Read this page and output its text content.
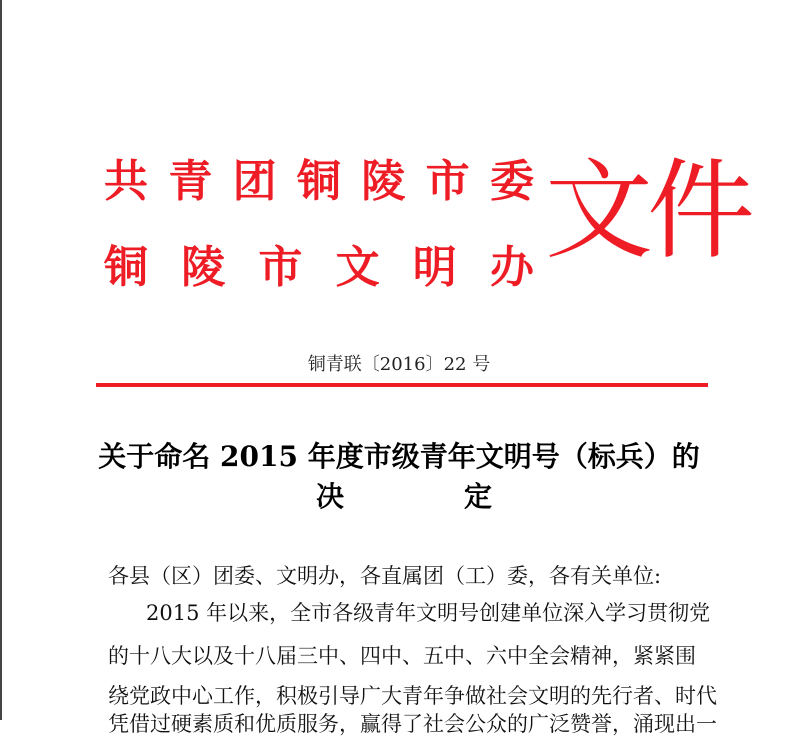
共 青 团 铜 陵 市 委
铜 陵 市 文 明 办 文件
铜青联〔2016〕22 号
关于命名 2015 年度市级青年文明号（标兵）的
决	定
各县（区）团委、文明办，各直属团（工）委，各有关单位:
2015 年以来，全市各级青年文明号创建单位深入学习贯彻党
的十八大以及十八届三中、四中、五中、六中全会精神，紧紧围
绕党政中心工作，积极引导广大青年争做社会文明的先行者、时代
凭借过硬素质和优质服务，赢得了社会公众的广泛赞誉，涌现出一
